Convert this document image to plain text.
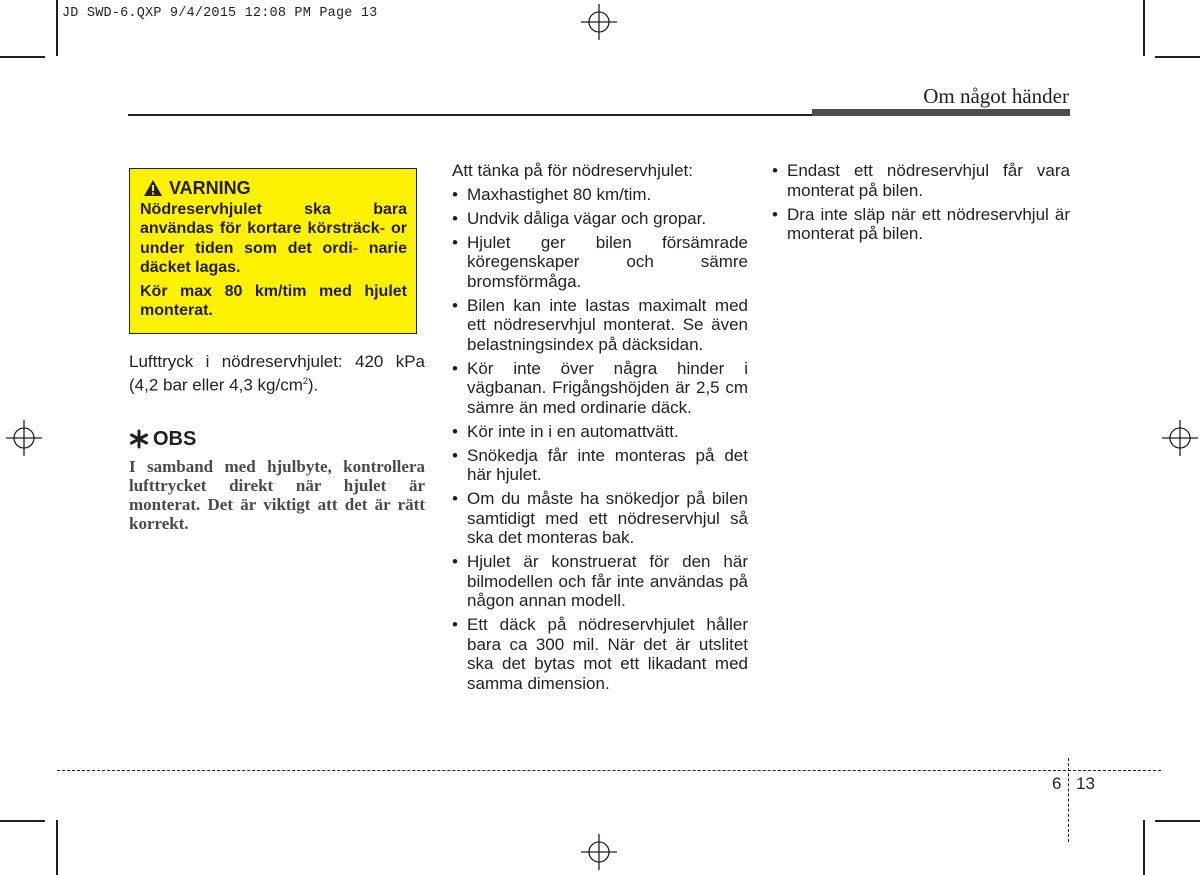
JD SWD-6.QXP 9/4/2015 12:08 PM Page 13
Om något händer
VARNING
Nödreservhjulet ska bara användas för kortare körsträck- or under tiden som det ordi- narie däcket lagas.
Kör max 80 km/tim med hjulet monterat.
Lufttryck i nödreservhjulet: 420 kPa (4,2 bar eller 4,3 $kg/cm^2$).
OBS
I samband med hjulbyte, kontrollera lufttrycket direkt när hjulet är monterat. Det är viktigt att det är rätt korrekt.
Att tänka på för nödreservhjulet:
• Maxhastighet 80 km/tim.
• Undvik dåliga vägar och gropar.
• Hjulet ger bilen försämrade köregenskaper och sämre bromsförmåga.
• Bilen kan inte lastas maximalt med ett nödreservhjul monterat. Se även belastningsindex på däcksidan.
• Kör inte över några hinder i vägbanan. Frigångshöjden är 2,5 cm sämre än med ordinarie däck.
• Kör inte in i en automattvätt.
• Snökedja får inte monteras på det här hjulet.
• Om du måste ha snökedjor på bilen samtidigt med ett nödreservhjul så ska det monteras bak.
• Hjulet är konstruerat för den här bilmodellen och får inte användas på någon annan modell.
• Ett däck på nödreservhjulet håller bara ca 300 mil. När det är utslitet ska det bytas mot ett likadant med samma dimension.
• Endast ett nödreservhjul får vara monterat på bilen.
• Dra inte släp när ett nödreservhjul är monterat på bilen.
6 13
